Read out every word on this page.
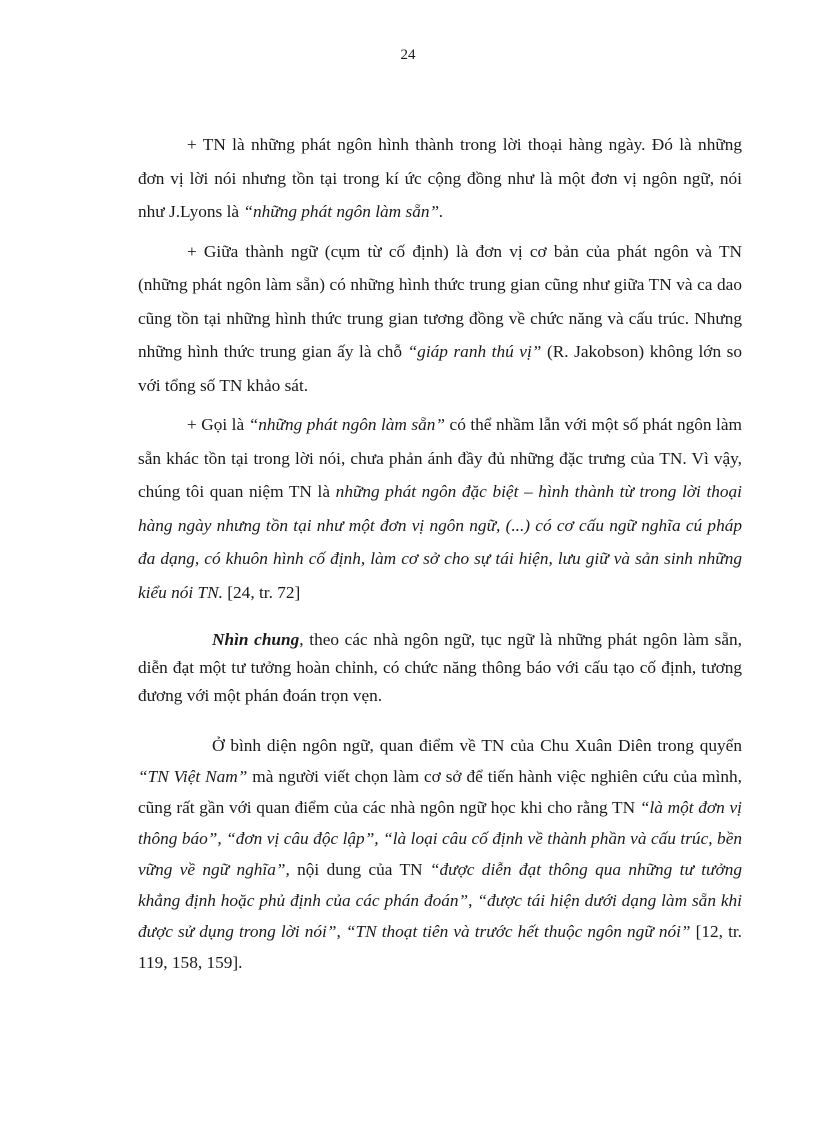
24

+ TN là những phát ngôn hình thành trong lời thoại hàng ngày. Đó là những đơn vị lời nói nhưng tồn tại trong kí ức cộng đồng như là một đơn vị ngôn ngữ, nói như J.Lyons là “những phát ngôn làm sẵn”.

+ Giữa thành ngữ (cụm từ cố định) là đơn vị cơ bản của phát ngôn và TN (những phát ngôn làm sẵn) có những hình thức trung gian cũng như giữa TN và ca dao cũng tồn tại những hình thức trung gian tương đồng về chức năng và cấu trúc. Nhưng những hình thức trung gian ấy là chỗ “giáp ranh thú vị” (R. Jakobson) không lớn so với tổng số TN khảo sát.

+ Gọi là “những phát ngôn làm sẵn” có thể nhầm lẫn với một số phát ngôn làm sẵn khác tồn tại trong lời nói, chưa phản ánh đầy đủ những đặc trưng của TN. Vì vậy, chúng tôi quan niệm TN là những phát ngôn đặc biệt – hình thành từ trong lời thoại hàng ngày nhưng tồn tại như một đơn vị ngôn ngữ, (...) có cơ cấu ngữ nghĩa cú pháp đa dạng, có khuôn hình cố định, làm cơ sở cho sự tái hiện, lưu giữ và sản sinh những kiểu nói TN. [24, tr. 72]

Nhìn chung, theo các nhà ngôn ngữ, tục ngữ là những phát ngôn làm sẵn, diễn đạt một tư tưởng hoàn chỉnh, có chức năng thông báo với cấu tạo cố định, tương đương với một phán đoán trọn vẹn.

Ở bình diện ngôn ngữ, quan điểm về TN của Chu Xuân Diên trong quyển “TN Việt Nam” mà người viết chọn làm cơ sở để tiến hành việc nghiên cứu của mình, cũng rất gần với quan điểm của các nhà ngôn ngữ học khi cho rằng TN “là một đơn vị thông báo”, “đơn vị câu độc lập”, “là loại câu cố định về thành phần và cấu trúc, bền vững về ngữ nghĩa”, nội dung của TN “được diễn đạt thông qua những tư tưởng khẳng định hoặc phủ định của các phán đoán”, “được tái hiện dưới dạng làm sẵn khi được sử dụng trong lời nói”, “TN thoạt tiên và trước hết thuộc ngôn ngữ nói” [12, tr. 119, 158, 159].
